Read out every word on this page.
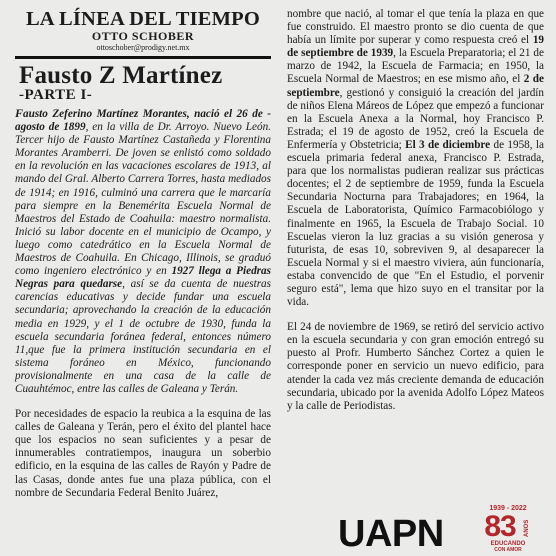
LA LÍNEA DEL TIEMPO

OTTO SCHOBER

ottoschober@prodigy.net.mx

Fausto Z Martínez
-PARTE I-

Fausto Zeferino Martínez Morantes, nació el 26 de - agosto de 1899, en la villa de Dr. Arroyo. Nuevo León. Tercer hijo de Fausto Martínez Castañeda y Florentina Morantes Aramberri. De joven se enlistó como soldado en la revolución en las vacaciones escolares de 1913, al mando del Gral. Alberto Carrera Torres, hasta mediados de 1914; en 1916, culminó una carrera que le marcaría para siempre en la Benemérita Escuela Normal de Maestros del Estado de Coahuila: maestro normalista. Inició su labor docente en el municipio de Ocampo, y luego como catedrático en la Escuela Normal de Maestros de Coahuila. En Chicago, Illinois, se graduó como ingeniero electrónico y en 1927 llega a Piedras Negras para quedarse, así se da cuenta de nuestras carencias educativas y decide fundar una escuela secundaria; aprovechando la creación de la educación media en 1929, y el 1 de octubre de 1930, funda la escuela secundaria foránea federal, entonces número 11,que fue la primera institución secundaria en el sistema foráneo en México, funcionando provisionalmente en una casa de la calle de Cuauhtémoc, entre las calles de Galeana y Terán.

Por necesidades de espacio la reubica a la esquina de las calles de Galeana y Terán, pero el éxito del plantel hace que los espacios no sean suficientes y a pesar de innumerables contratiempos, inaugura un soberbio edificio, en la esquina de las calles de Rayón y Padre de las Casas, donde antes fue una plaza pública, con el nombre de Secundaria Federal Benito Juárez,

nombre que nació, al tomar el que tenía la plaza en que fue construido. El maestro pronto se dio cuenta de que había un límite por superar y como respuesta creó el 19 de septiembre de 1939, la Escuela Preparatoria; el 21 de marzo de 1942, la Escuela de Farmacia; en 1950, la Escuela Normal de Maestros; en ese mismo año, el 2 de septiembre, gestionó y consiguió la creación del jardín de niños Elena Máreos de López que empezó a funcionar en la Escuela Anexa a la Normal, hoy Francisco P. Estrada; el 19 de agosto de 1952, creó la Escuela de Enfermería y Obstetricia; El 3 de diciembre de 1958, la escuela primaria federal anexa, Francisco P. Estrada, para que los normalistas pudieran realizar sus prácticas docentes; el 2 de septiembre de 1959, funda la Escuela Secundaria Nocturna para Trabajadores; en 1964, la Escuela de Laboratorista, Químico Farmacobiólogo y finalmente en 1965, la Escuela de Trabajo Social. 10 Escuelas vieron la luz gracias a su visión generosa y futurista, de esas 10, sobreviven 9, al desaparecer la Escuela Normal y si el maestro viviera, aún funcionaría, estaba convencido de que "En el Estudio, el porvenir seguro está", lema que hizo suyo en el transitar por la vida.

El 24 de noviembre de 1969, se retiró del servicio activo en la escuela secundaria y con gran emoción entregó su puesto al Profr. Humberto Sánchez Cortez a quien le corresponde poner en servicio un nuevo edificio, para atender la cada vez más creciente demanda de educación secundaria, ubicado por la avenida Adolfo López Mateos y la calle de Periodistas.

UAPN
1939 - 2022
83	AÑOS
EDUCANDO
CON AMOR
